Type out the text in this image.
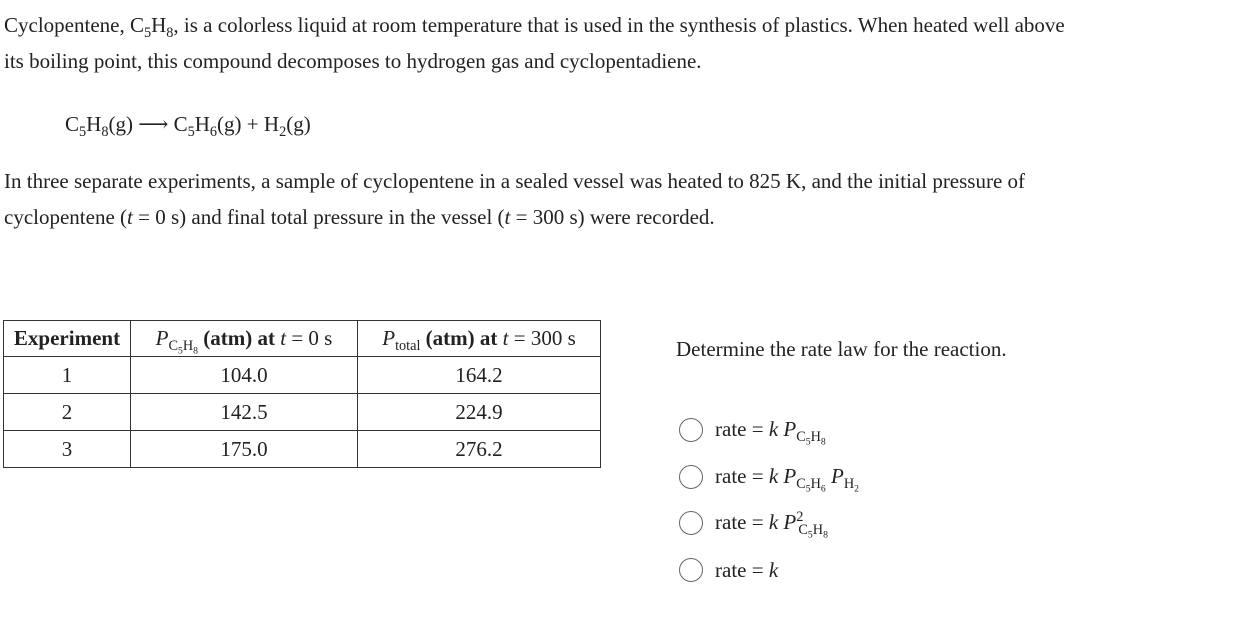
Cyclopentene, $C_5H_8$, is a colorless liquid at room temperature that is used in the synthesis of plastics. When heated well above
its boiling point, this compound decomposes to hydrogen gas and cyclopentadiene.
$C_5H_8(g)$ ⟶ $C_5H_6(g) + H_2(g)$
In three separate experiments, a sample of cyclopentene in a sealed vessel was heated to 825 K, and the initial pressure of
cyclopentene (t = 0 s) and final total pressure in the vessel (t = 300 s) were recorded.
Experiment	$P_{C_5H_8}$ (atm) at t = 0 s	$P_{total}$ (atm) at t = 300 s
1	104.0	164.2
2	142.5	224.9
3	175.0	276.2
Determine the rate law for the reaction.
rate = k $P_{C_5H_8}$
rate = k $P_{C_5H_6}$ $P_{H_2}$
rate = k $P^2_{C_5H_8}$
rate = k
